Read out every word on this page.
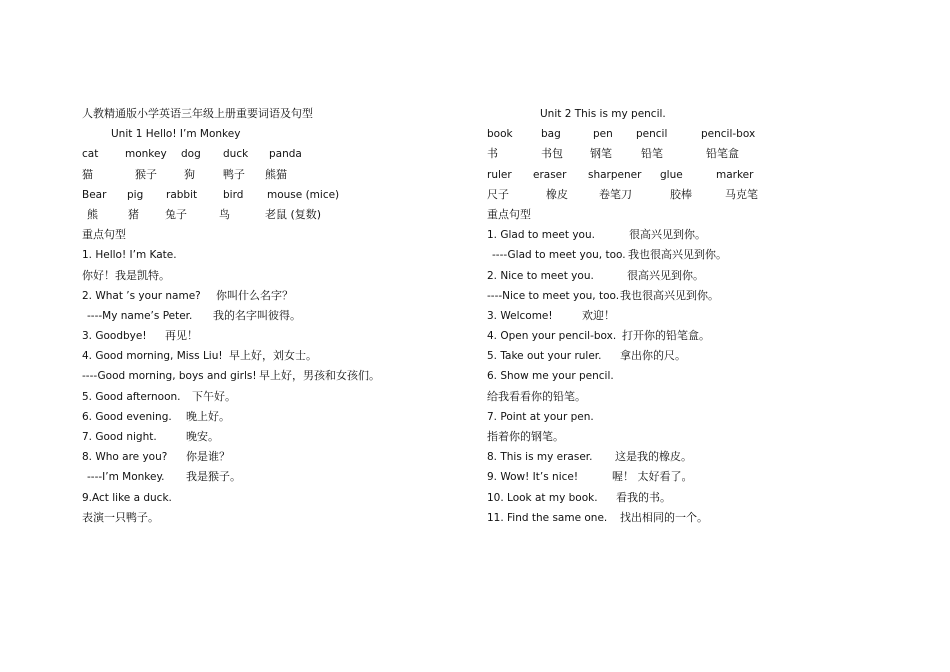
人教精通版小学英语三年级上册重要词语及句型
Unit 1 Hello! I’m Monkey
cat	monkey dog duck panda
猫	猴子 狗	鸭子 熊猫
Bear pig rabbit bird mouse (mice)
熊	猪 兔子	鸟	老鼠 (复数)
重点句型
1. Hello! I’m Kate.
你好！我是凯特。
2. What ’s your name? 你叫什么名字？
----My name’s Peter. 我的名字叫彼得。
3. Goodbye! 再见！
4. Good morning, Miss Liu! 早上好，刘女士。
----Good morning, boys and girls! 早上好，男孩和女孩们。
5. Good afternoon. 下午好。
6. Good evening. 晚上好。
7. Good night.	晚安。
8. Who are you? 你是谁？
----I’m Monkey. 我是猴子。
9.Act like a duck.
表演一只鸭子。
Unit 2 This is my pencil.
book	bag	pen pencil	pencil-box
书	书包 钢笔	铅笔	铅笔盒
ruler eraser sharpener glue	marker
尺子	橡皮	卷笔刀	胶棒	马克笔
重点句型
1. Glad to meet you.	很高兴见到你。
----Glad to meet you, too. 我也很高兴见到你。
2. Nice to meet you.	很高兴见到你。
----Nice to meet you, too. 我也很高兴见到你。
3. Welcome!	欢迎！
4. Open your pencil-box. 打开你的铅笔盒。
5. Take out your ruler. 拿出你的尺。
6. Show me your pencil.
给我看看你的铅笔。
7. Point at your pen.
指着你的钢笔。
8. This is my eraser. 这是我的橡皮。
9. Wow! It’s nice!	喔！ 太好看了。
10. Look at my book. 看我的书。
11. Find the same one. 找出相同的一个。
